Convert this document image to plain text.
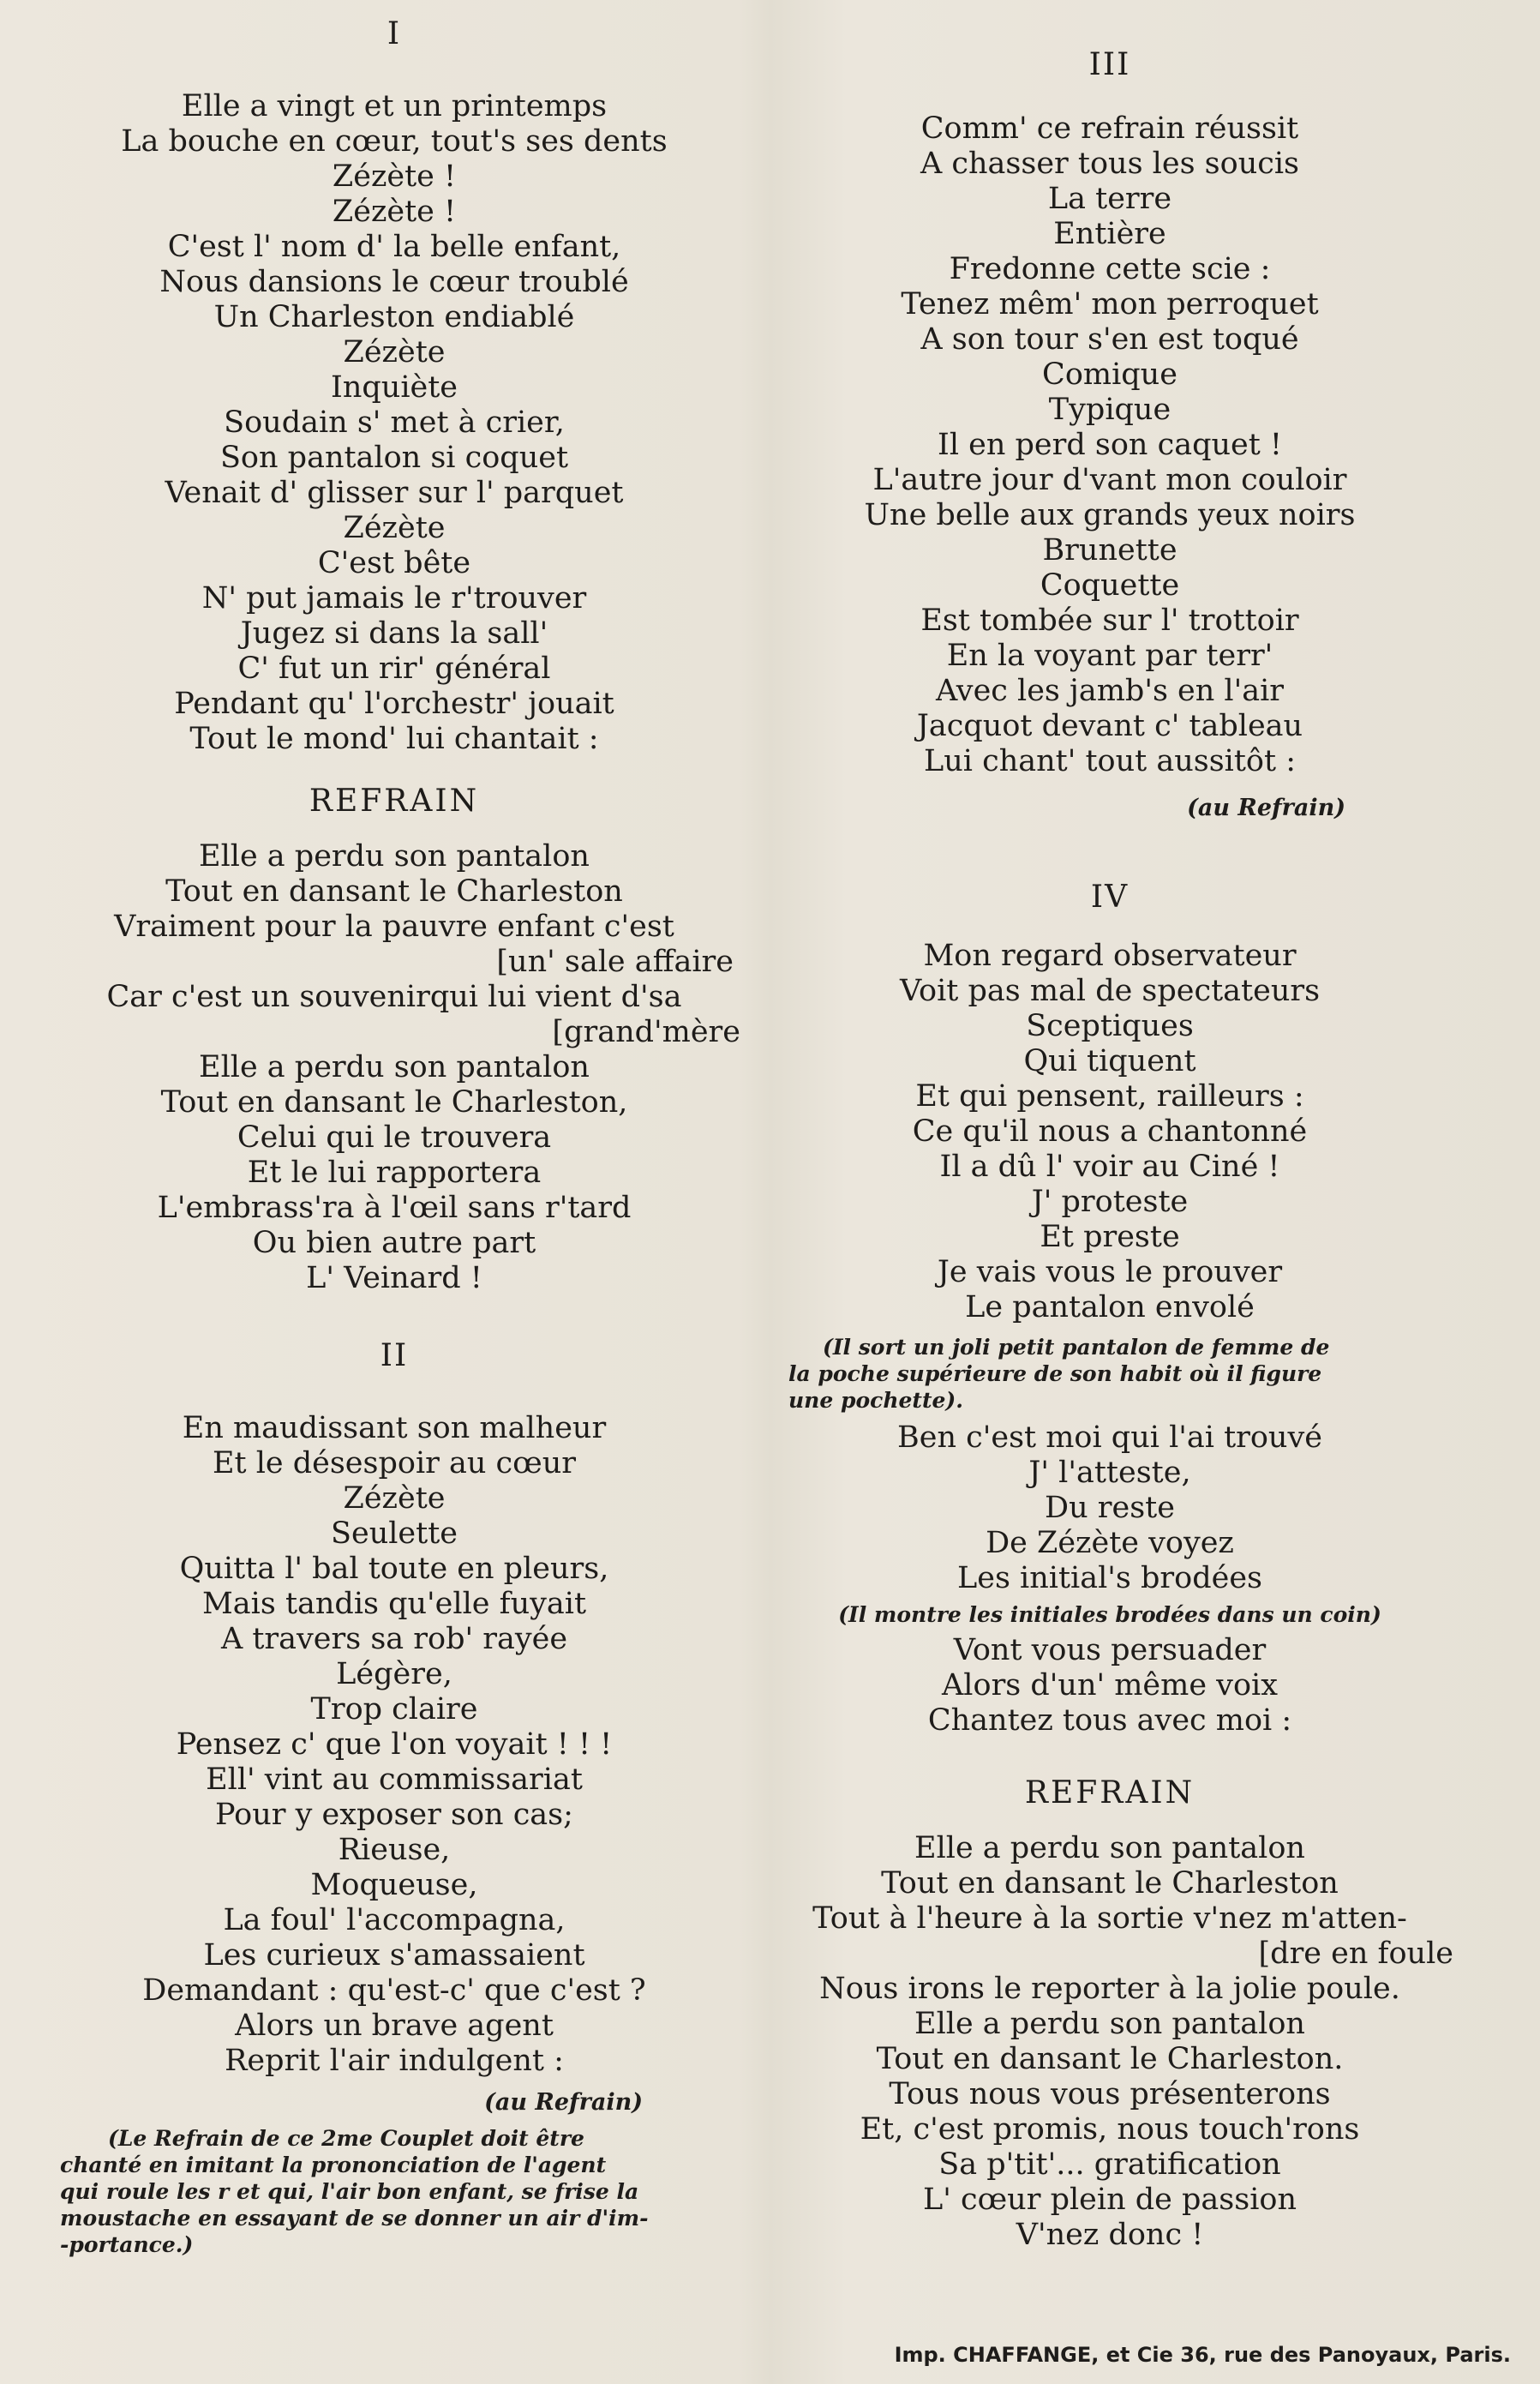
I
Elle a vingt et un printemps
La bouche en cœur, tout's ses dents
Zézète !
Zézète !
C'est l' nom d' la belle enfant,
Nous dansions le cœur troublé
Un Charleston endiablé
Zézète
Inquiète
Soudain s' met à crier,
Son pantalon si coquet
Venait d' glisser sur l' parquet
Zézète
C'est bête
N' put jamais le r'trouver
Jugez si dans la sall'
C' fut un rir' général
Pendant qu' l'orchestr' jouait
Tout le mond' lui chantait :
REFRAIN
Elle a perdu son pantalon
Tout en dansant le Charleston
Vraiment pour la pauvre enfant c'est
[un' sale affaire
Car c'est un souvenirqui lui vient d'sa
[grand'mère
Elle a perdu son pantalon
Tout en dansant le Charleston,
Celui qui le trouvera
Et le lui rapportera
L'embrass'ra à l'œil sans r'tard
Ou bien autre part
L' Veinard !
II
En maudissant son malheur
Et le désespoir au cœur
Zézète
Seulette
Quitta l' bal toute en pleurs,
Mais tandis qu'elle fuyait
A travers sa rob' rayée
Légère,
Trop claire
Pensez c' que l'on voyait ! ! !
Ell' vint au commissariat
Pour y exposer son cas;
Rieuse,
Moqueuse,
La foul' l'accompagna,
Les curieux s'amassaient
Demandant : qu'est-c' que c'est ?
Alors un brave agent
Reprit l'air indulgent :
(au Refrain)
(Le Refrain de ce 2me Couplet doit être
chanté en imitant la prononciation de l'agent
qui roule les r et qui, l'air bon enfant, se frise la
moustache en essayant de se donner un air d'im-
-portance.)
III
Comm' ce refrain réussit
A chasser tous les soucis
La terre
Entière
Fredonne cette scie :
Tenez mêm' mon perroquet
A son tour s'en est toqué
Comique
Typique
Il en perd son caquet !
L'autre jour d'vant mon couloir
Une belle aux grands yeux noirs
Brunette
Coquette
Est tombée sur l' trottoir
En la voyant par terr'
Avec les jamb's en l'air
Jacquot devant c' tableau
Lui chant' tout aussitôt :
(au Refrain)
IV
Mon regard observateur
Voit pas mal de spectateurs
Sceptiques
Qui tiquent
Et qui pensent, railleurs :
Ce qu'il nous a chantonné
Il a dû l' voir au Ciné !
J' proteste
Et preste
Je vais vous le prouver
Le pantalon envolé
(Il sort un joli petit pantalon de femme de
la poche supérieure de son habit où il figure
une pochette).
Ben c'est moi qui l'ai trouvé
J' l'atteste,
Du reste
De Zézète voyez
Les initial's brodées
(Il montre les initiales brodées dans un coin)
Vont vous persuader
Alors d'un' même voix
Chantez tous avec moi :
REFRAIN
Elle a perdu son pantalon
Tout en dansant le Charleston
Tout à l'heure à la sortie v'nez m'atten-
[dre en foule
Nous irons le reporter à la jolie poule.
Elle a perdu son pantalon
Tout en dansant le Charleston.
Tous nous vous présenterons
Et, c'est promis, nous touch'rons
Sa p'tit'... gratification
L' cœur plein de passion
V'nez donc !
Imp. CHAFFANGE, et Cie 36, rue des Panoyaux, Paris.
